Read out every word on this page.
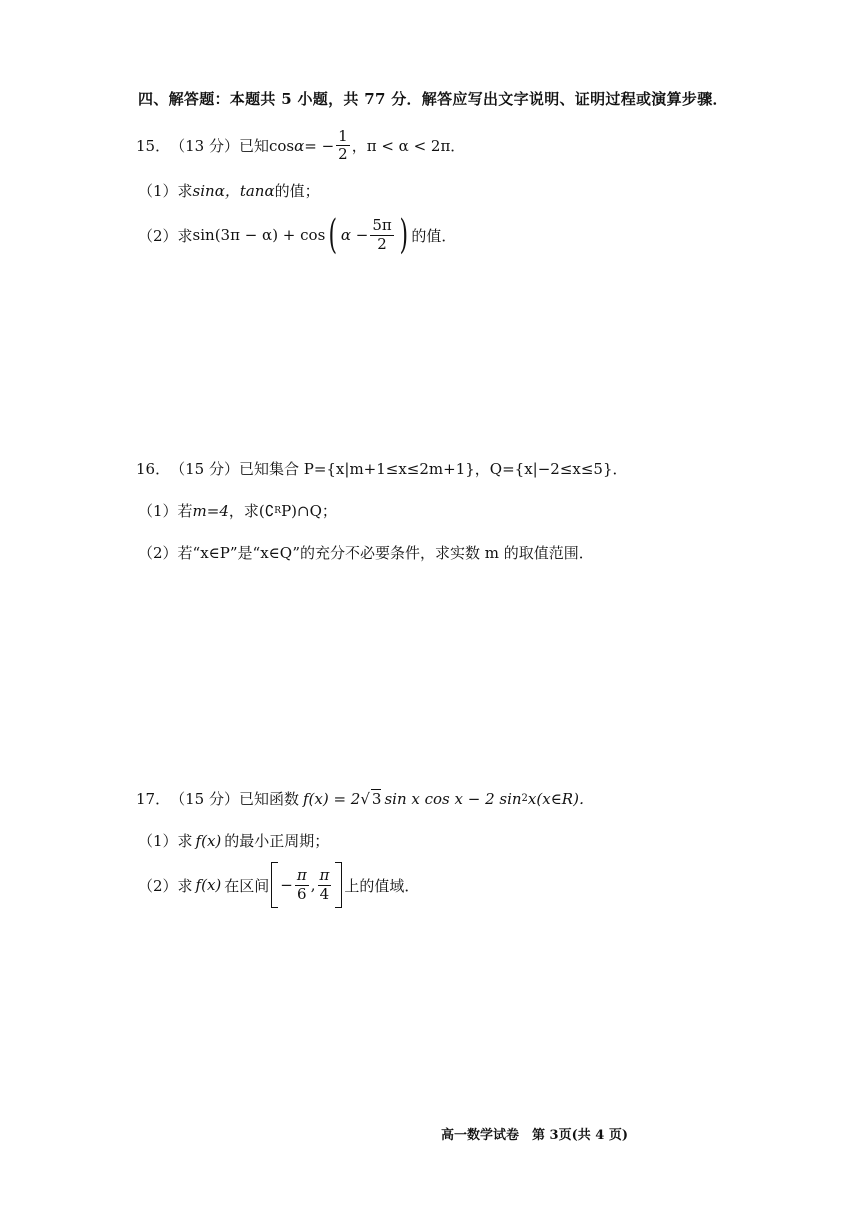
四、解答题：本题共 5 小题，共 77 分．解答应写出文字说明、证明过程或演算步骤．
15． （13 分） 已知 cos α = − $\frac{1}{2}$ ，π < α < 2π．
（1）求 sinα，tanα 的值；
（2）求 sin(3π − α) + cos ( $\alpha - \frac{5\pi}{2}$ ) 的值．
16． （15 分） 已知集合 P={x|m+1≤x≤2m+1}，Q={x|−2≤x≤5}．
（1）若 m=4 ，求(∁ R P)∩Q；
（2）若“x∈P”是“x∈Q”的充分不必要条件，求实数 m 的取值范围．
17． （15 分） 已知函数 f(x) = 2 √ 3 sin x cos x − 2 sin 2 x(x∈R)．
（1）求 f(x) 的最小正周期；
（2）求 f(x) 在区间 − $\frac{\pi}{6}$ , $\frac{\pi}{4}$ 上的值域．
高一数学试卷　第 3页(共 4 页)
